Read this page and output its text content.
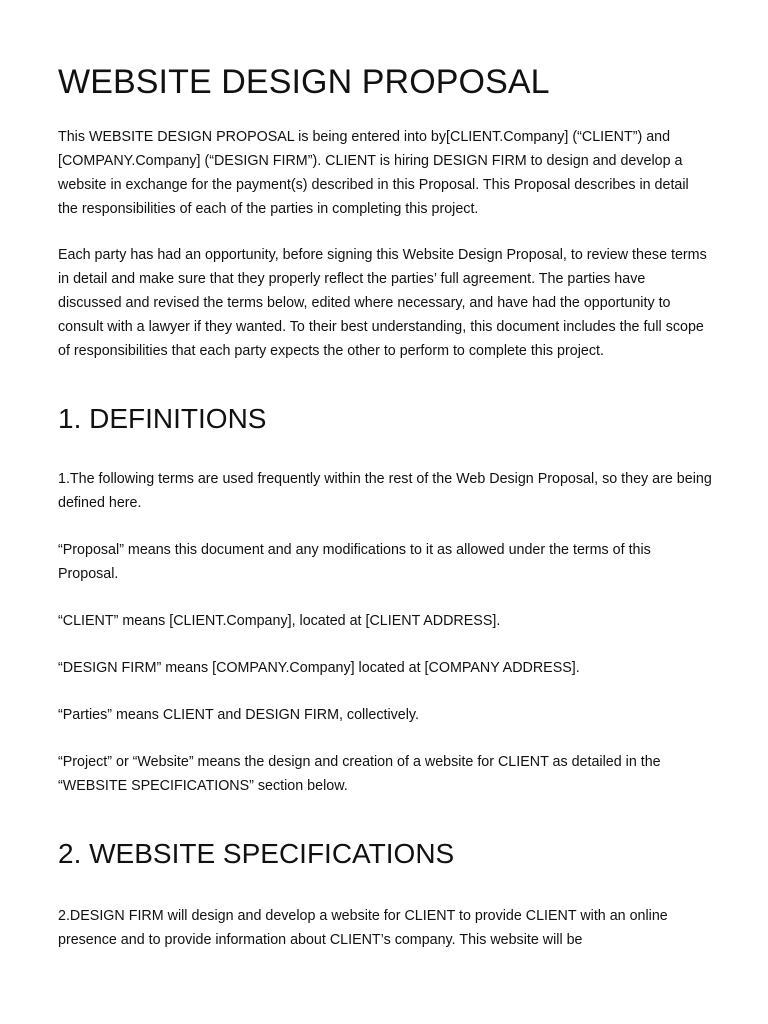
WEBSITE DESIGN PROPOSAL

This WEBSITE DESIGN PROPOSAL is being entered into by[CLIENT.Company] (“CLIENT”) and [COMPANY.Company] (“DESIGN FIRM”). CLIENT is hiring DESIGN FIRM to design and develop a website in exchange for the payment(s) described in this Proposal. This Proposal describes in detail the responsibilities of each of the parties in completing this project.

Each party has had an opportunity, before signing this Website Design Proposal, to review these terms in detail and make sure that they properly reflect the parties’ full agreement. The parties have discussed and revised the terms below, edited where necessary, and have had the opportunity to consult with a lawyer if they wanted. To their best understanding, this document includes the full scope of responsibilities that each party expects the other to perform to complete this project.

1. DEFINITIONS

1.The following terms are used frequently within the rest of the Web Design Proposal, so they are being defined here.

“Proposal” means this document and any modifications to it as allowed under the terms of this Proposal.

“CLIENT” means [CLIENT.Company], located at [CLIENT ADDRESS].

“DESIGN FIRM” means [COMPANY.Company] located at [COMPANY ADDRESS].

“Parties” means CLIENT and DESIGN FIRM, collectively.

“Project” or “Website” means the design and creation of a website for CLIENT as detailed in the “WEBSITE SPECIFICATIONS” section below.

2. WEBSITE SPECIFICATIONS

2.DESIGN FIRM will design and develop a website for CLIENT to provide CLIENT with an online presence and to provide information about CLIENT’s company. This website will be
